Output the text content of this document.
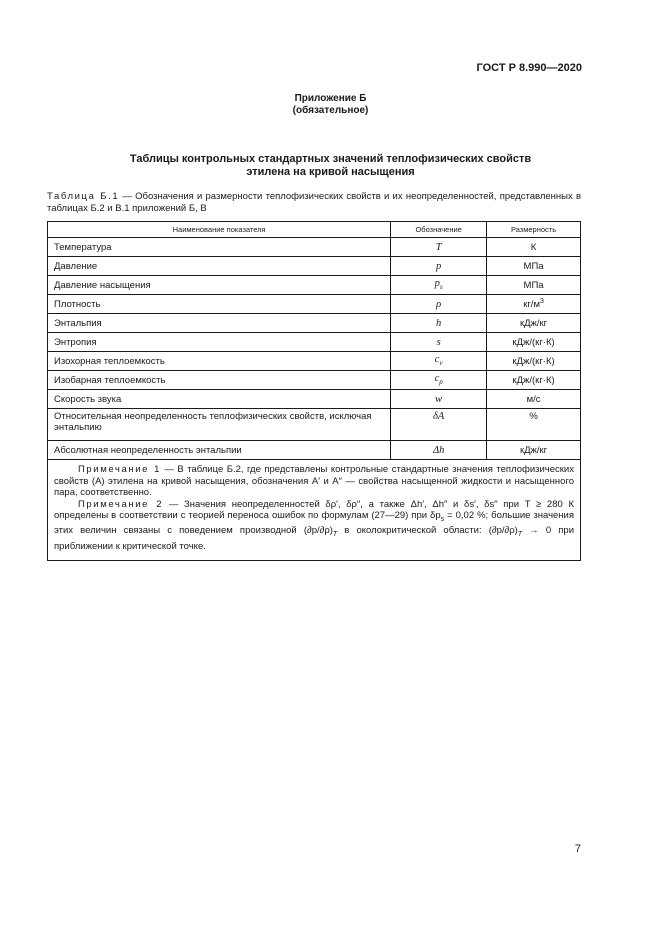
ГОСТ Р 8.990—2020
Приложение Б
(обязательное)
Таблицы контрольных стандартных значений теплофизических свойств
этилена на кривой насыщения
Таблица Б.1 — Обозначения и размерности теплофизических свойств и их неопределенностей, представленных в таблицах Б.2 и В.1 приложений Б, В
Наименование показателя	Обозначение	Размерность
Температура	T	К
Давление	p	МПа
Давление насыщения	$p_s$	МПа
Плотность	ρ	$кг/м^3$
Энтальпия	h	кДж/кг
Энтропия	s	кДж/(кг·К)
Изохорная теплоемкость	$c_v$	кДж/(кг·К)
Изобарная теплоемкость	$c_p$	кДж/(кг·К)
Скорость звука	w	м/с
Относительная неопределенность теплофизических свойств, исключая энтальпию	δA	%
Абсолютная неопределенность энтальпии	Δh	кДж/кг

Примечание 1 — В таблице Б.2, где представлены контрольные стандартные значения теплофизических свойств (A) этилена на кривой насыщения, обозначения A′ и A″ — свойства насыщенной жидкости и насыщенного пара, соответственно.

Примечание 2 — Значения неопределенностей δρ′, δρ″, а также Δh′, Δh″ и δs′, δs″ при T ≥ 280 К определены в соответствии с теорией переноса ошибок по формулам (27—29) при $\delta p_s = 0,02$ %; большие значения этих величин связаны с поведением производной $(\partial p/\partial\rho)_T$ в околокритической области: $(\partial p/\partial\rho)_T \to 0$ при приближении к критической точке.		

7
